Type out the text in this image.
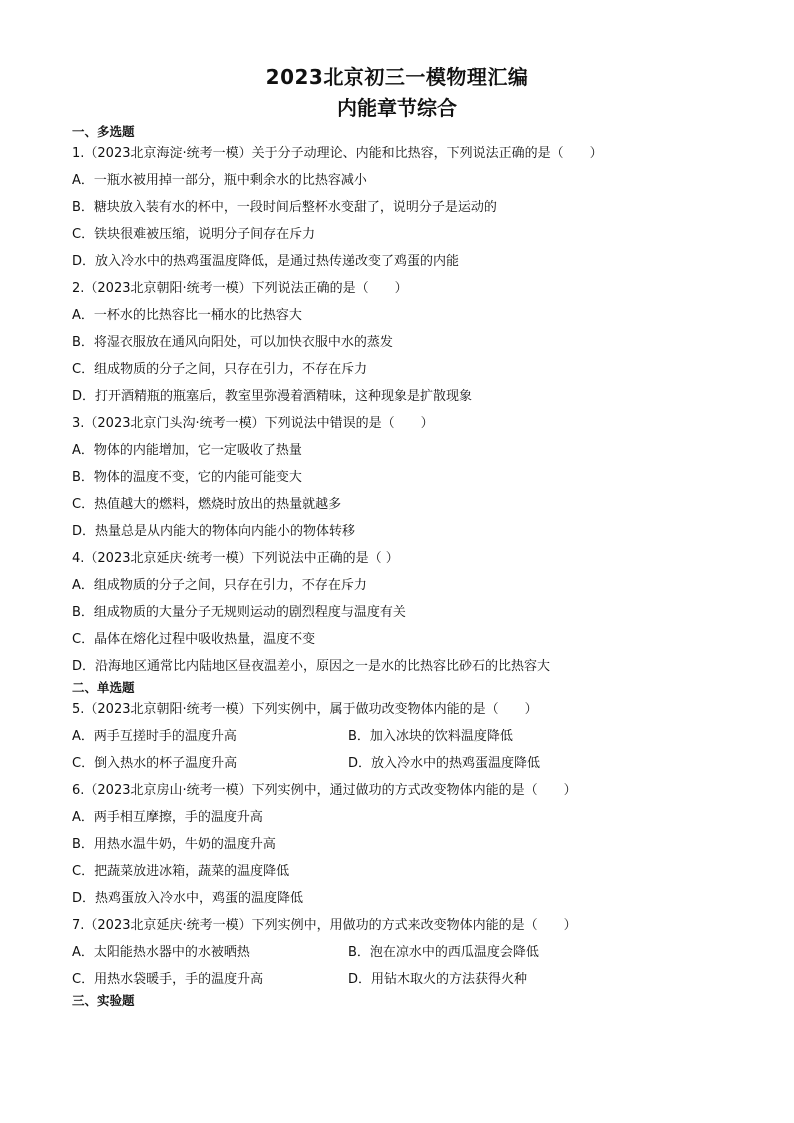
2023北京初三一模物理汇编
内能章节综合
一、多选题
1.（2023北京海淀·统考一模）关于分子动理论、内能和比热容，下列说法正确的是（　　）
A．一瓶水被用掉一部分，瓶中剩余水的比热容减小
B．糖块放入装有水的杯中，一段时间后整杯水变甜了，说明分子是运动的
C．铁块很难被压缩，说明分子间存在斥力
D．放入冷水中的热鸡蛋温度降低，是通过热传递改变了鸡蛋的内能
2.（2023北京朝阳·统考一模）下列说法正确的是（　　）
A．一杯水的比热容比一桶水的比热容大
B．将湿衣服放在通风向阳处，可以加快衣服中水的蒸发
C．组成物质的分子之间，只存在引力，不存在斥力
D．打开酒精瓶的瓶塞后，教室里弥漫着酒精味，这种现象是扩散现象
3.（2023北京门头沟·统考一模）下列说法中错误的是（　　）
A．物体的内能增加，它一定吸收了热量
B．物体的温度不变，它的内能可能变大
C．热值越大的燃料，燃烧时放出的热量就越多
D．热量总是从内能大的物体向内能小的物体转移
4.（2023北京延庆·统考一模）下列说法中正确的是（ ）
A．组成物质的分子之间，只存在引力，不存在斥力
B．组成物质的大量分子无规则运动的剧烈程度与温度有关
C．晶体在熔化过程中吸收热量，温度不变
D．沿海地区通常比内陆地区昼夜温差小，原因之一是水的比热容比砂石的比热容大
二、单选题
5.（2023北京朝阳·统考一模）下列实例中，属于做功改变物体内能的是（　　）
A．两手互搓时手的温度升高	B．加入冰块的饮料温度降低
C．倒入热水的杯子温度升高	D．放入冷水中的热鸡蛋温度降低
6.（2023北京房山·统考一模）下列实例中，通过做功的方式改变物体内能的是（　　）
A．两手相互摩擦，手的温度升高
B．用热水温牛奶，牛奶的温度升高
C．把蔬菜放进冰箱，蔬菜的温度降低
D．热鸡蛋放入冷水中，鸡蛋的温度降低
7.（2023北京延庆·统考一模）下列实例中，用做功的方式来改变物体内能的是（　　）
A．太阳能热水器中的水被晒热	B．泡在凉水中的西瓜温度会降低
C．用热水袋暖手，手的温度升高	D．用钻木取火的方法获得火种
三、实验题
